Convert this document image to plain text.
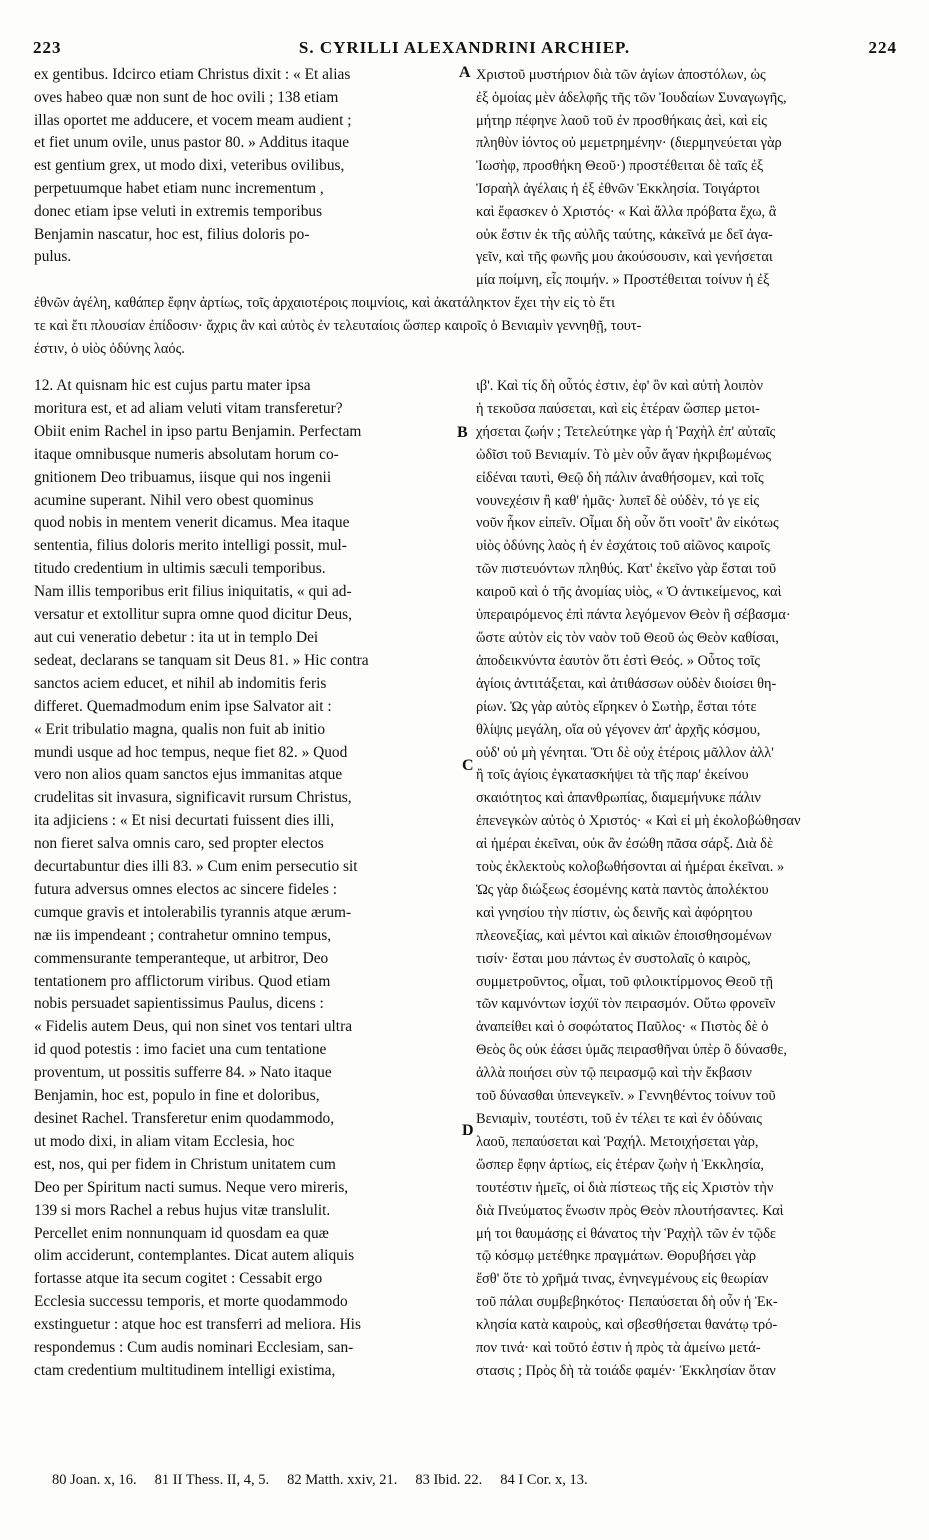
223	S. CYRILLI ALEXANDRINI ARCHIEP.	224
ex gentibus. Idcirco etiam Christus dixit : « Et alias
oves habeo quæ non sunt de hoc ovili ; 138 etiam
illas oportet me adducere, et vocem meam audient ;
et fiet unum ovile, unus pastor 80. » Additus itaque
est gentium grex, ut modo dixi, veteribus ovilibus,
perpetuumque habet etiam nunc incrementum ,
donec etiam ipse veluti in extremis temporibus
Benjamin nascatur, hoc est, filius doloris po-
pulus.
A Χριστοῦ μυστήριον διὰ τῶν ἁγίων ἀποστόλων, ὡς
ἐξ ὁμοίας μὲν ἀδελφῆς τῆς τῶν Ἰουδαίων Συναγωγῆς,
μήτηρ πέφηνε λαοῦ τοῦ ἐν προσθήκαις ἀεὶ, καὶ εἰς
πληθὺν ἰόντος οὐ μεμετρημένην· (διερμηνεύεται γὰρ
Ἰωσὴφ, προσθήκη Θεοῦ·) προστέθειται δὲ ταῖς ἐξ
Ἰσραὴλ ἀγέλαις ἡ ἐξ ἐθνῶν Ἐκκλησία. Τοιγάρτοι
καὶ ἔφασκεν ὁ Χριστός· « Καὶ ἄλλα πρόβατα ἔχω, ἃ
οὐκ ἔστιν ἐκ τῆς αὐλῆς ταύτης, κἀκεῖνά με δεῖ ἀγα-
γεῖν, καὶ τῆς φωνῆς μου ἀκούσουσιν, καὶ γενήσεται
μία ποίμνη, εἷς ποιμήν. » Προστέθειται τοίνυν ἡ ἐξ
ἐθνῶν ἀγέλη, καθάπερ ἔφην ἀρτίως, τοῖς ἀρχαιοτέροις ποιμνίοις, καὶ ἀκατάληκτον ἔχει τὴν εἰς τὸ ἔτι
τε καὶ ἔτι πλουσίαν ἐπίδοσιν· ἄχρις ἂν καὶ αὐτὸς ἐν τελευταίοις ὥσπερ καιροῖς ὁ Βενιαμὶν γεννηθῇ, τουτ-
έστιν, ὁ υἱὸς ὀδύνης λαός.
12. At quisnam hic est cujus partu mater ipsa
moritura est, et ad aliam veluti vitam transferetur?
Obiit enim Rachel in ipso partu Benjamin. Perfectam
itaque omnibusque numeris absolutam horum co-
gnitionem Deo tribuamus, iisque qui nos ingenii
acumine superant. Nihil vero obest quominus
quod nobis in mentem venerit dicamus. Mea itaque
sententia, filius doloris merito intelligi possit, mul-
titudo credentium in ultimis sæculi temporibus.
Nam illis temporibus erit filius iniquitatis, « qui ad-
versatur et extollitur supra omne quod dicitur Deus,
aut cui veneratio debetur : ita ut in templo Dei
sedeat, declarans se tanquam sit Deus 81. » Hic contra
sanctos aciem educet, et nihil ab indomitis feris
differet. Quemadmodum enim ipse Salvator ait :
« Erit tribulatio magna, qualis non fuit ab initio
mundi usque ad hoc tempus, neque fiet 82. » Quod
vero non alios quam sanctos ejus immanitas atque
crudelitas sit invasura, significavit rursum Christus,
ita adjiciens : « Et nisi decurtati fuissent dies illi,
non fieret salva omnis caro, sed propter electos
decurtabuntur dies illi 83. » Cum enim persecutio sit
futura adversus omnes electos ac sincere fideles :
cumque gravis et intolerabilis tyrannis atque ærum-
næ iis impendeant ; contrahetur omnino tempus,
commensurante temperanteque, ut arbitror, Deo
tentationem pro afflictorum viribus. Quod etiam
nobis persuadet sapientissimus Paulus, dicens :
« Fidelis autem Deus, qui non sinet vos tentari ultra
id quod potestis : imo faciet una cum tentatione
proventum, ut possitis sufferre 84. » Nato itaque
Benjamin, hoc est, populo in fine et doloribus,
desinet Rachel. Transferetur enim quodammodo,
ut modo dixi, in aliam vitam Ecclesia, hoc
est, nos, qui per fidem in Christum unitatem cum
Deo per Spiritum nacti sumus. Neque vero mireris,
139 si mors Rachel a rebus hujus vitæ translulit.
Percellet enim nonnunquam id quosdam ea quæ
olim acciderunt, contemplantes. Dicat autem aliquis
fortasse atque ita secum cogitet : Cessabit ergo
Ecclesia successu temporis, et morte quodammodo
exstinguetur : atque hoc est transferri ad meliora. His
respondemus : Cum audis nominari Ecclesiam, san-
ctam credentium multitudinem intelligi existima,
B
C
D
ιβ'. Καὶ τίς δὴ οὗτός ἐστιν, ἐφ' ὃν καὶ αὐτὴ λοιπὸν
ἡ τεκοῦσα παύσεται, καὶ εἰς ἑτέραν ὥσπερ μετοι-
χήσεται ζωήν ; Τετελεύτηκε γὰρ ἡ Ῥαχὴλ ἐπ' αὐταῖς
ὠδῖσι τοῦ Βενιαμίν. Τὸ μὲν οὖν ἄγαν ἠκριβωμένως
εἰδέναι ταυτὶ, Θεῷ δὴ πάλιν ἀναθήσομεν, καὶ τοῖς
νουνεχέσιν ἢ καθ' ἡμᾶς· λυπεῖ δὲ οὐδὲν, τό γε εἰς
νοῦν ἧκον εἰπεῖν. Οἶμαι δὴ οὖν ὅτι νοοῖτ' ἂν εἰκότως
υἱὸς ὀδύνης λαὸς ἡ ἐν ἐσχάτοις τοῦ αἰῶνος καιροῖς
τῶν πιστευόντων πληθύς. Κατ' ἐκεῖνο γὰρ ἔσται τοῦ
καιροῦ καὶ ὁ τῆς ἀνομίας υἱὸς, « Ὁ ἀντικείμενος, καὶ
ὑπεραιρόμενος ἐπὶ πάντα λεγόμενον Θεὸν ἢ σέβασμα·
ὥστε αὐτὸν εἰς τὸν ναὸν τοῦ Θεοῦ ὡς Θεὸν καθίσαι,
ἀποδεικνύντα ἑαυτὸν ὅτι ἐστὶ Θεός. » Οὗτος τοῖς
ἁγίοις ἀντιτάξεται, καὶ ἀτιθάσσων οὐδὲν διοίσει θη-
ρίων. Ὡς γὰρ αὐτὸς εἴρηκεν ὁ Σωτὴρ, ἔσται τότε
θλίψις μεγάλη, οἵα οὐ γέγονεν ἀπ' ἀρχῆς κόσμου,
οὐδ' οὐ μὴ γένηται. Ὅτι δὲ οὐχ ἑτέροις μᾶλλον ἀλλ'
ἢ τοῖς ἁγίοις ἐγκατασκήψει τὰ τῆς παρ' ἐκείνου
σκαιότητος καὶ ἀπανθρωπίας, διαμεμήνυκε πάλιν
ἐπενεγκὼν αὐτὸς ὁ Χριστός· « Καὶ εἰ μὴ ἐκολοβώθησαν
αἱ ἡμέραι ἐκεῖναι, οὐκ ἂν ἐσώθη πᾶσα σάρξ. Διὰ δὲ
τοὺς ἐκλεκτοὺς κολοβωθήσονται αἱ ἡμέραι ἐκεῖναι. »
Ὡς γὰρ διώξεως ἐσομένης κατὰ παντὸς ἀπολέκτου
καὶ γνησίου τὴν πίστιν, ὡς δεινῆς καὶ ἀφόρητου
πλεονεξίας, καὶ μέντοι καὶ αἰκιῶν ἐποισθησομένων
τισίν· ἔσται μου πάντως ἐν συστολαῖς ὁ καιρὸς,
συμμετροῦντος, οἶμαι, τοῦ φιλοικτίρμονος Θεοῦ τῇ
τῶν καμνόντων ἰσχύϊ τὸν πειρασμόν. Οὕτω φρονεῖν
ἀναπείθει καὶ ὁ σοφώτατος Παῦλος· « Πιστὸς δὲ ὁ
Θεὸς ὃς οὐκ ἐάσει ὑμᾶς πειρασθῆναι ὑπὲρ ὃ δύνασθε,
ἀλλὰ ποιήσει σὺν τῷ πειρασμῷ καὶ τὴν ἔκβασιν
τοῦ δύνασθαι ὑπενεγκεῖν. » Γεννηθέντος τοίνυν τοῦ
Βενιαμὶν, τουτέστι, τοῦ ἐν τέλει τε καὶ ἐν ὀδύναις
λαοῦ, πεπαύσεται καὶ Ῥαχήλ. Μετοιχήσεται γὰρ,
ὥσπερ ἔφην ἀρτίως, εἰς ἑτέραν ζωὴν ἡ Ἐκκλησία,
τουτέστιν ἡμεῖς, οἱ διὰ πίστεως τῆς εἰς Χριστὸν τὴν
διὰ Πνεύματος ἕνωσιν πρὸς Θεὸν πλουτήσαντες. Καὶ
μή τοι θαυμάσῃς εἰ θάνατος τὴν Ῥαχὴλ τῶν ἐν τῷδε
τῷ κόσμῳ μετέθηκε πραγμάτων. Θορυβήσει γὰρ
ἔσθ' ὅτε τὸ χρῆμά τινας, ἐνηνεγμένους εἰς θεωρίαν
τοῦ πάλαι συμβεβηκότος· Πεπαύσεται δὴ οὖν ἡ Ἐκ-
κλησία κατὰ καιροὺς, καὶ σβεσθήσεται θανάτῳ τρό-
πον τινά· καὶ τοῦτό ἐστιν ἡ πρὸς τὰ ἀμείνω μετά-
στασις ; Πρὸς δὴ τὰ τοιάδε φαμέν· Ἐκκλησίαν ὅταν
80 Joan. x, 16. 81 II Thess. II, 4, 5. 82 Matth. xxiv, 21. 83 Ibid. 22. 84 I Cor. x, 13.
